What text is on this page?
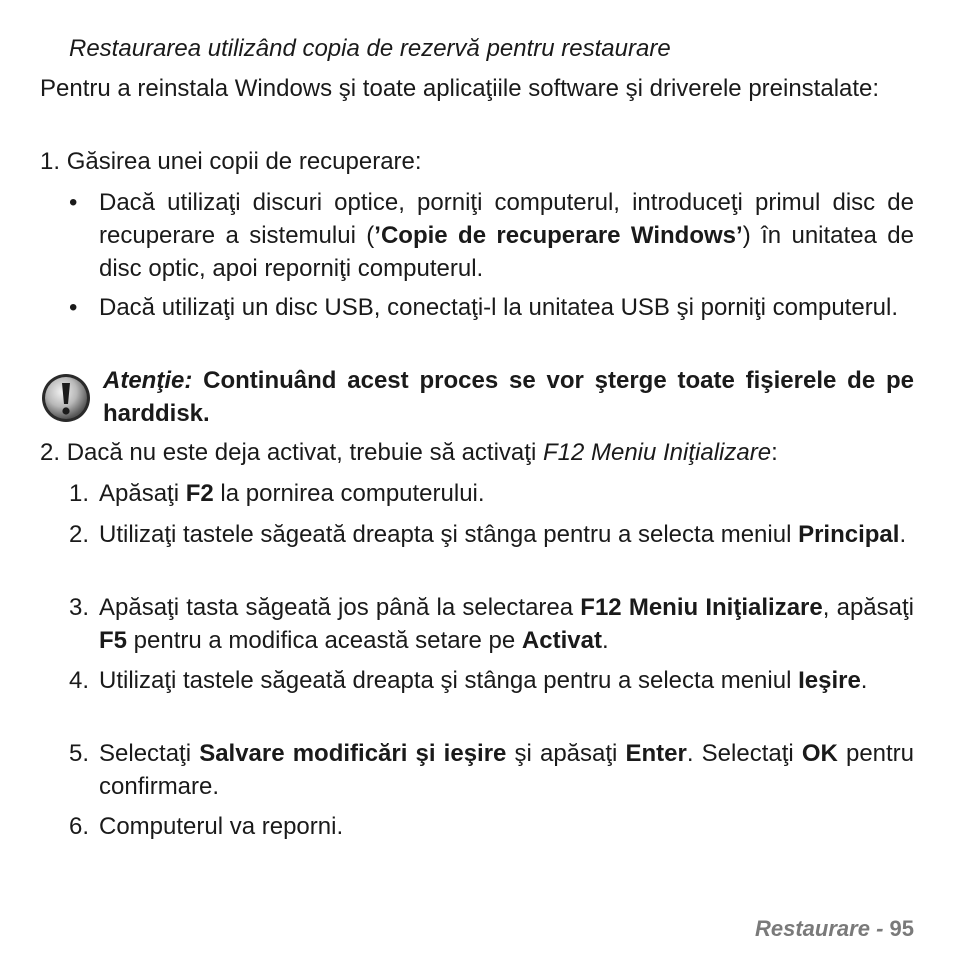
Restaurarea utilizând copia de rezervă pentru restaurare
Pentru a reinstala Windows şi toate aplicaţiile software şi driverele preinstalate:
1. Găsirea unei copii de recuperare:
• Dacă utilizaţi discuri optice, porniţi computerul, introduceţi primul disc de recuperare a sistemului (’Copie de recuperare Windows’) în unitatea de disc optic, apoi reporniţi computerul.
• Dacă utilizaţi un disc USB, conectaţi-l la unitatea USB şi porniţi computerul.
Atenţie: Continuând acest proces se vor şterge toate fişierele de pe harddisk.
2. Dacă nu este deja activat, trebuie să activaţi F12 Meniu Iniţializare:
1. Apăsaţi F2 la pornirea computerului.
2. Utilizaţi tastele săgeată dreapta şi stânga pentru a selecta meniul Principal.
3. Apăsaţi tasta săgeată jos până la selectarea F12 Meniu Iniţializare, apăsaţi F5 pentru a modifica această setare pe Activat.
4. Utilizaţi tastele săgeată dreapta şi stânga pentru a selecta meniul Ieşire.
5. Selectaţi Salvare modificări şi ieşire şi apăsaţi Enter. Selectaţi OK pentru confirmare.
6. Computerul va reporni.
Restaurare - 95
